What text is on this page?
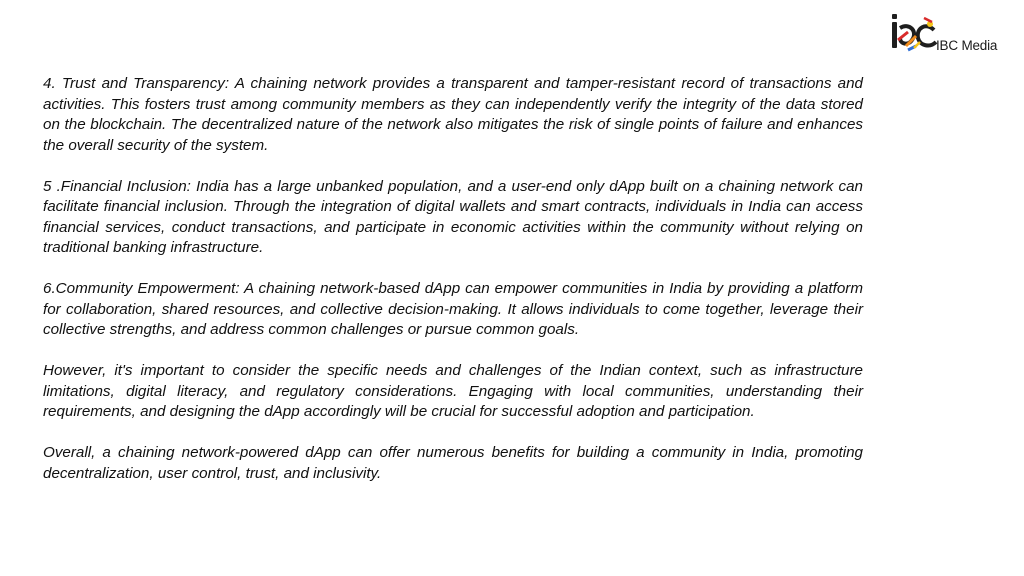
IBC Media

4. Trust and Transparency: A chaining network provides a transparent and tamper-resistant record of transactions and activities. This fosters trust among community members as they can independently verify the integrity of the data stored on the blockchain. The decentralized nature of the network also mitigates the risk of single points of failure and enhances the overall security of the system.

5 .Financial Inclusion: India has a large unbanked population, and a user-end only dApp built on a chaining network can facilitate financial inclusion. Through the integration of digital wallets and smart contracts, individuals in India can access financial services, conduct transactions, and participate in economic activities within the community without relying on traditional banking infrastructure.

6.Community Empowerment: A chaining network-based dApp can empower communities in India by providing a platform for collaboration, shared resources, and collective decision-making. It allows individuals to come together, leverage their collective strengths, and address common challenges or pursue common goals.

However, it's important to consider the specific needs and challenges of the Indian context, such as infrastructure limitations, digital literacy, and regulatory considerations. Engaging with local communities, understanding their requirements, and designing the dApp accordingly will be crucial for successful adoption and participation.

Overall, a chaining network-powered dApp can offer numerous benefits for building a community in India, promoting decentralization, user control, trust, and inclusivity.
